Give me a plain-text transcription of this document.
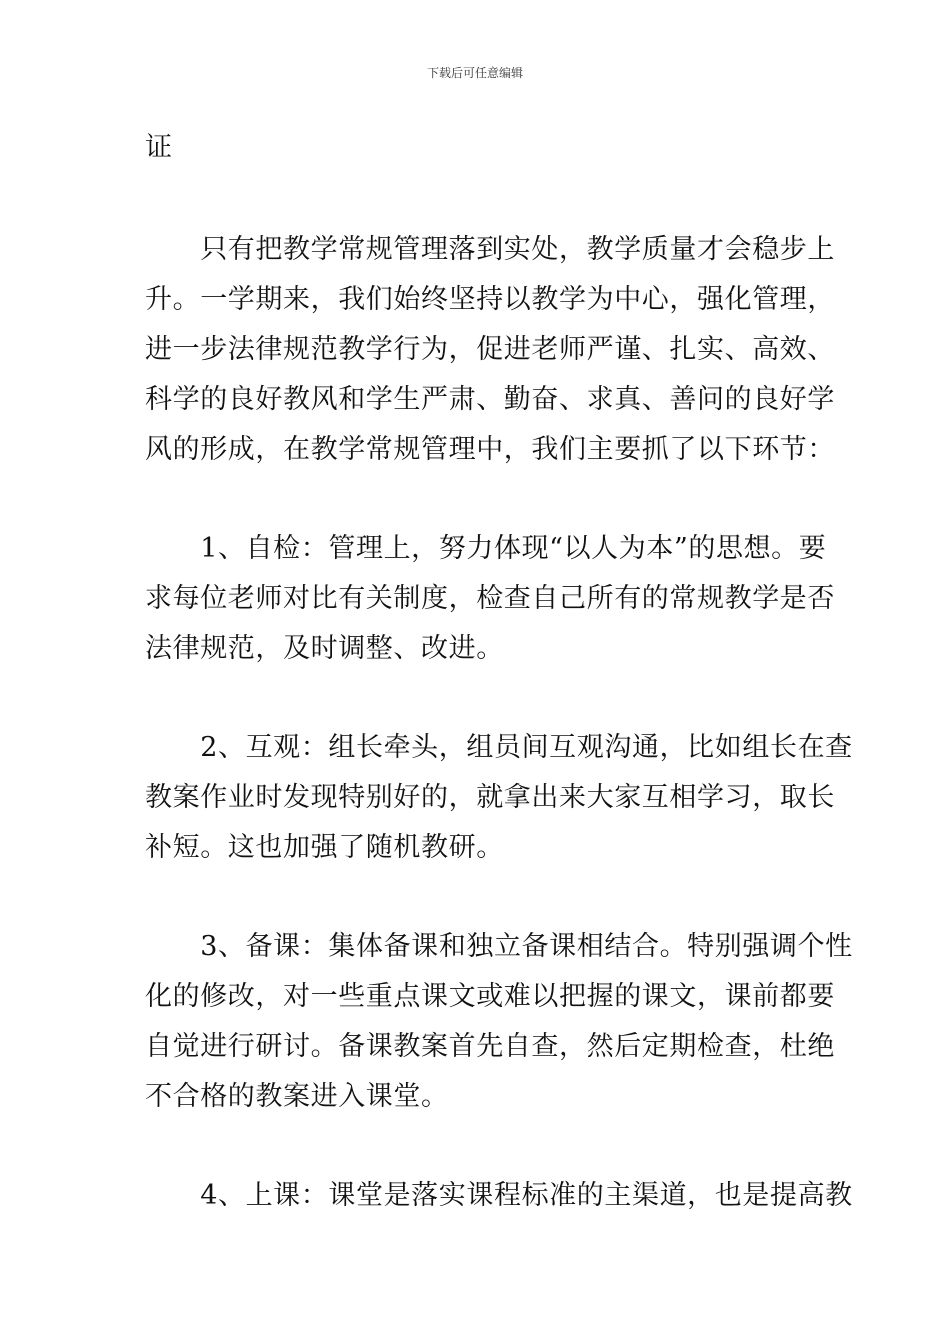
下载后可任意编辑
证
　　只有把教学常规管理落到实处，教学质量才会稳步上
升。一学期来，我们始终坚持以教学为中心，强化管理，
进一步法律规范教学行为，促进老师严谨、扎实、高效、
科学的良好教风和学生严肃、勤奋、求真、善问的良好学
风的形成，在教学常规管理中，我们主要抓了以下环节：
　　1、自检：管理上，努力体现“以人为本”的思想。要
求每位老师对比有关制度，检查自己所有的常规教学是否
法律规范，及时调整、改进。
　　2、互观：组长牵头，组员间互观沟通，比如组长在查
教案作业时发现特别好的，就拿出来大家互相学习，取长
补短。这也加强了随机教研。
　　3、备课：集体备课和独立备课相结合。特别强调个性
化的修改，对一些重点课文或难以把握的课文，课前都要
自觉进行研讨。备课教案首先自查，然后定期检查，杜绝
不合格的教案进入课堂。
　　4、上课：课堂是落实课程标准的主渠道，也是提高教
